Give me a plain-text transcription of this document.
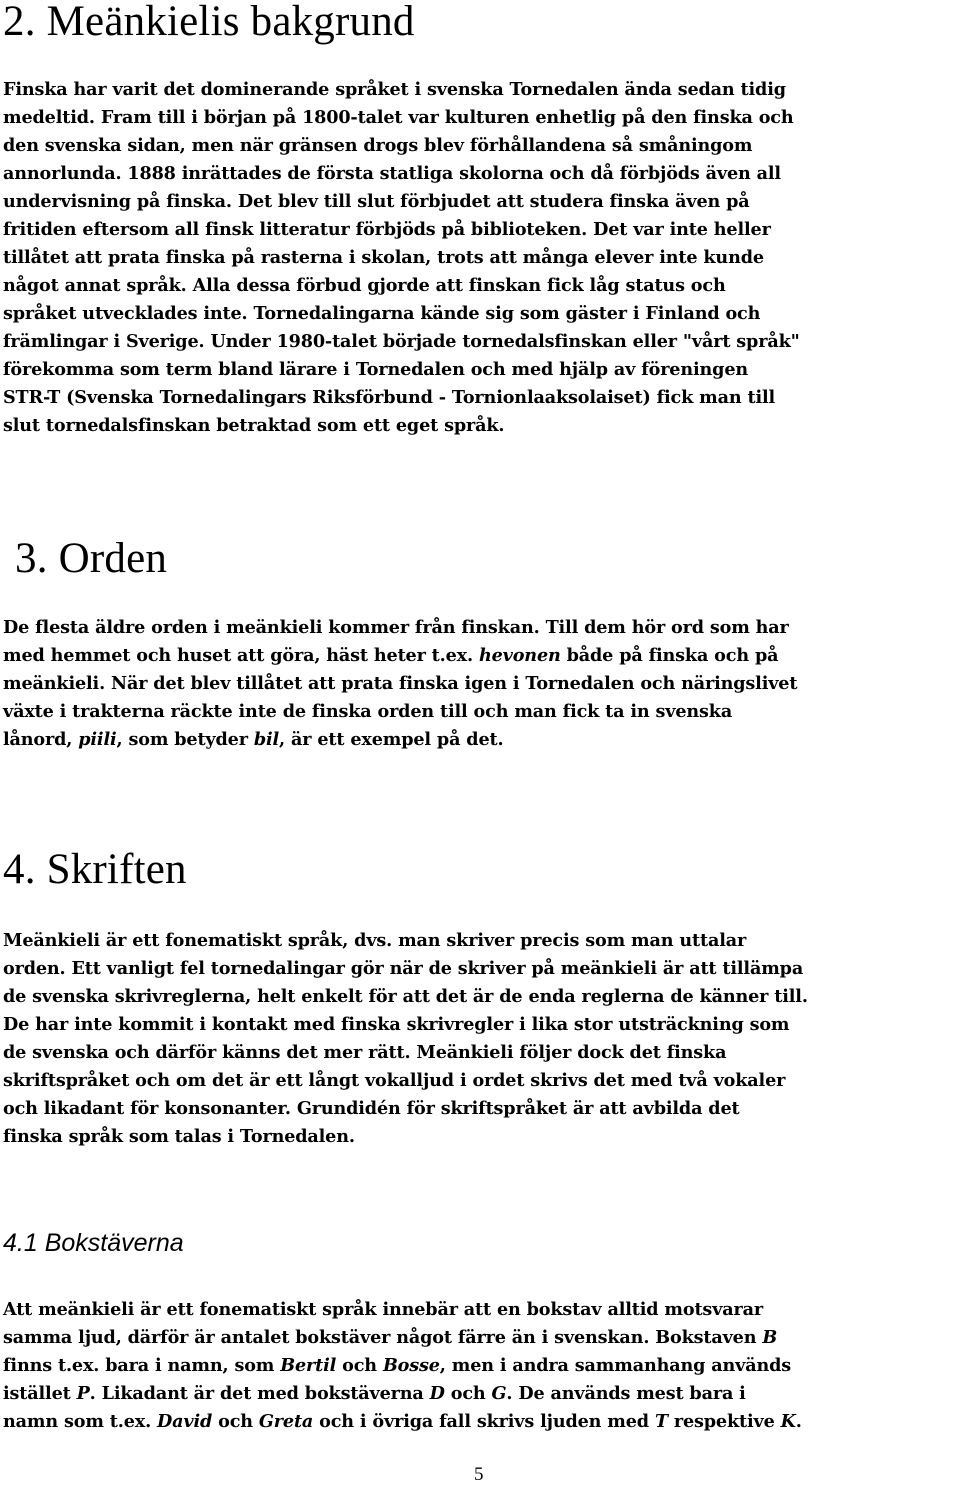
2. Meänkielis bakgrund

Finska har varit det dominerande språket i svenska Tornedalen ända sedan tidig
medeltid. Fram till i början på 1800-talet var kulturen enhetlig på den finska och
den svenska sidan, men när gränsen drogs blev förhållandena så småningom
annorlunda. 1888 inrättades de första statliga skolorna och då förbjöds även all
undervisning på finska. Det blev till slut förbjudet att studera finska även på
fritiden eftersom all finsk litteratur förbjöds på biblioteken. Det var inte heller
tillåtet att prata finska på rasterna i skolan, trots att många elever inte kunde
något annat språk. Alla dessa förbud gjorde att finskan fick låg status och
språket utvecklades inte. Tornedalingarna kände sig som gäster i Finland och
främlingar i Sverige. Under 1980-talet började tornedalsfinskan eller "vårt språk"
förekomma som term bland lärare i Tornedalen och med hjälp av föreningen
STR-T (Svenska Tornedalingars Riksförbund - Tornionlaaksolaiset) fick man till
slut tornedalsfinskan betraktad som ett eget språk.

3. Orden

De flesta äldre orden i meänkieli kommer från finskan. Till dem hör ord som har
med hemmet och huset att göra, häst heter t.ex. hevonen både på finska och på
meänkieli. När det blev tillåtet att prata finska igen i Tornedalen och näringslivet
växte i trakterna räckte inte de finska orden till och man fick ta in svenska
lånord, piili, som betyder bil, är ett exempel på det.

4. Skriften

Meänkieli är ett fonematiskt språk, dvs. man skriver precis som man uttalar
orden. Ett vanligt fel tornedalingar gör när de skriver på meänkieli är att tillämpa
de svenska skrivreglerna, helt enkelt för att det är de enda reglerna de känner till.
De har inte kommit i kontakt med finska skrivregler i lika stor utsträckning som
de svenska och därför känns det mer rätt. Meänkieli följer dock det finska
skriftspråket och om det är ett långt vokalljud i ordet skrivs det med två vokaler
och likadant för konsonanter. Grundidén för skriftspråket är att avbilda det
finska språk som talas i Tornedalen.

4.1 Bokstäverna

Att meänkieli är ett fonematiskt språk innebär att en bokstav alltid motsvarar
samma ljud, därför är antalet bokstäver något färre än i svenskan. Bokstaven B
finns t.ex. bara i namn, som Bertil och Bosse, men i andra sammanhang används
istället P. Likadant är det med bokstäverna D och G. De används mest bara i
namn som t.ex. David och Greta och i övriga fall skrivs ljuden med T respektive K.

5
